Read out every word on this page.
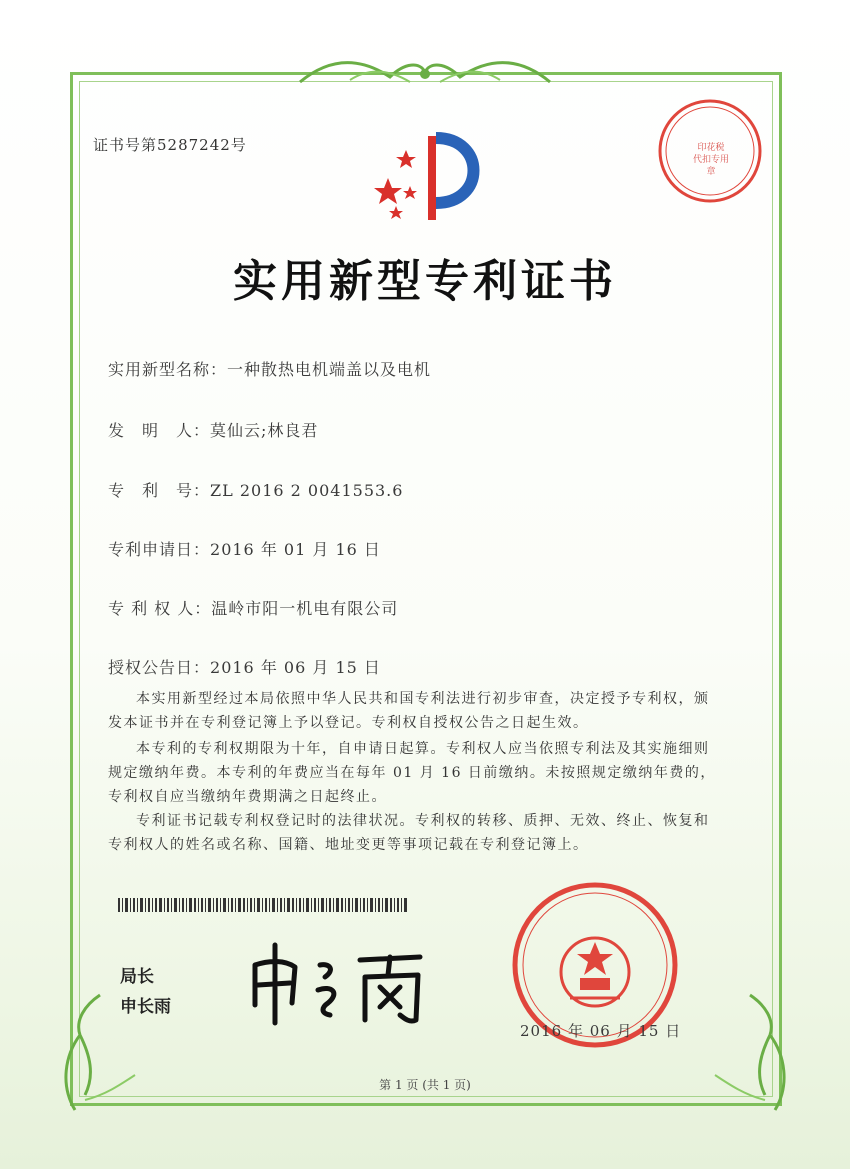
证书号第5287242号	印花税
代扣专用章
实用新型专利证书
实用新型名称：一种散热电机端盖以及电机
发　明　人：莫仙云;林良君
专　利　号：ZL 2016 2 0041553.6
专利申请日：2016 年 01 月 16 日
专 利 权 人：温岭市阳一机电有限公司
授权公告日：2016 年 06 月 15 日
本实用新型经过本局依照中华人民共和国专利法进行初步审查，决定授予专利权，颁发本证书并在专利登记簿上予以登记。专利权自授权公告之日起生效。
本专利的专利权期限为十年，自申请日起算。专利权人应当依照专利法及其实施细则规定缴纳年费。本专利的年费应当在每年 01 月 16 日前缴纳。未按照规定缴纳年费的，专利权自应当缴纳年费期满之日起终止。
专利证书记载专利权登记时的法律状况。专利权的转移、质押、无效、终止、恢复和专利权人的姓名或名称、国籍、地址变更等事项记载在专利登记簿上。
局长
申长雨
2016 年 06 月 15 日
第 1 页 (共 1 页)
